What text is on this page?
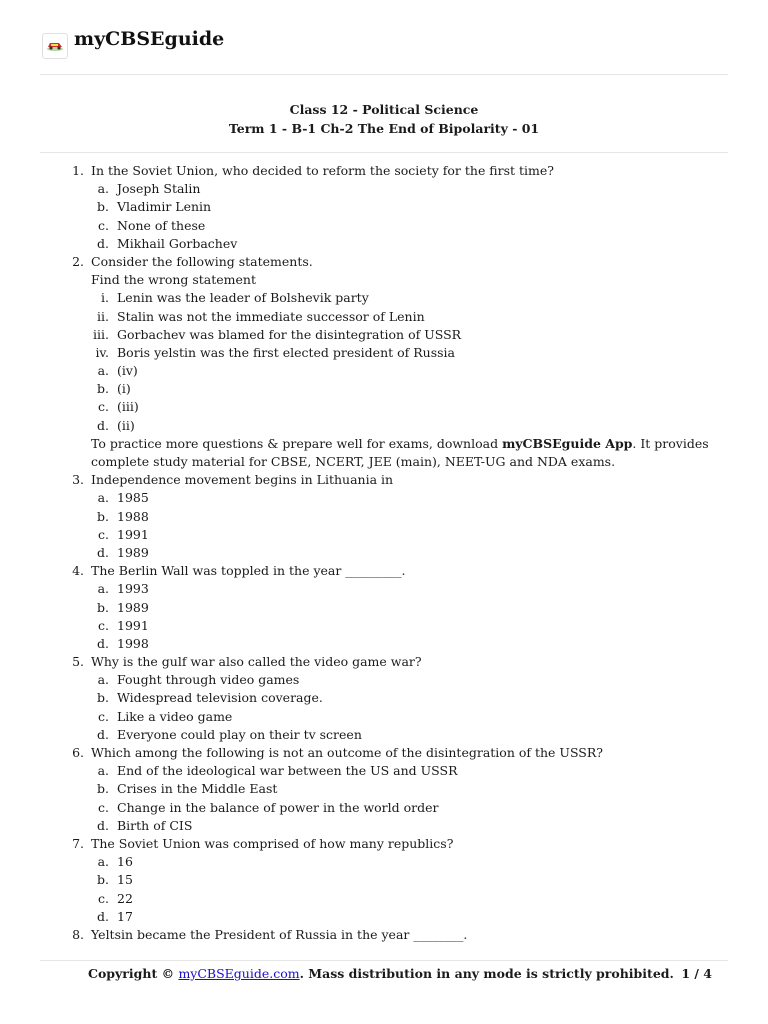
myCBSEguide
Class 12 - Political Science
Term 1 - B-1 Ch-2 The End of Bipolarity - 01
1. In the Soviet Union, who decided to reform the society for the first time?
a. Joseph Stalin
b. Vladimir Lenin
c. None of these
d. Mikhail Gorbachev
2. Consider the following statements.
Find the wrong statement
i. Lenin was the leader of Bolshevik party
ii. Stalin was not the immediate successor of Lenin
iii. Gorbachev was blamed for the disintegration of USSR
iv. Boris yelstin was the first elected president of Russia
a. (iv)
b. (i)
c. (iii)
d. (ii)
To practice more questions & prepare well for exams, download myCBSEguide App. It provides
complete study material for CBSE, NCERT, JEE (main), NEET-UG and NDA exams.
3. Independence movement begins in Lithuania in
a. 1985
b. 1988
c. 1991
d. 1989
4. The Berlin Wall was toppled in the year _________.
a. 1993
b. 1989
c. 1991
d. 1998
5. Why is the gulf war also called the video game war?
a. Fought through video games
b. Widespread television coverage.
c. Like a video game
d. Everyone could play on their tv screen
6. Which among the following is not an outcome of the disintegration of the USSR?
a. End of the ideological war between the US and USSR
b. Crises in the Middle East
c. Change in the balance of power in the world order
d. Birth of CIS
7. The Soviet Union was comprised of how many republics?
a. 16
b. 15
c. 22
d. 17
8. Yeltsin became the President of Russia in the year ________.
Copyright © myCBSEguide.com. Mass distribution in any mode is strictly prohibited. 1 / 4
